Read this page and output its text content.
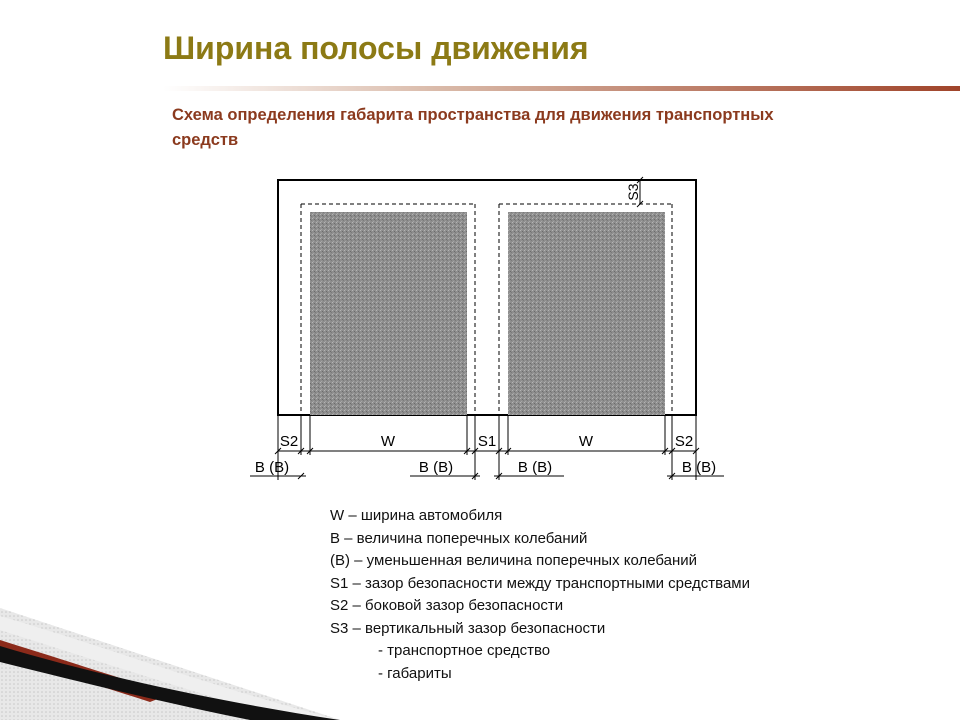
Ширина полосы движения
Схема определения габарита пространства для движения транспортных средств
S3
S2	W	S1	W	S2
B (B)	B (B)	B (B)	B (B)
W – ширина автомобиля
B – величина поперечных колебаний
(B) – уменьшенная величина поперечных колебаний
S1 – зазор безопасности между транспортными средствами
S2 – боковой зазор безопасности
S3 – вертикальный зазор безопасности
- транспортное средство
- габариты
